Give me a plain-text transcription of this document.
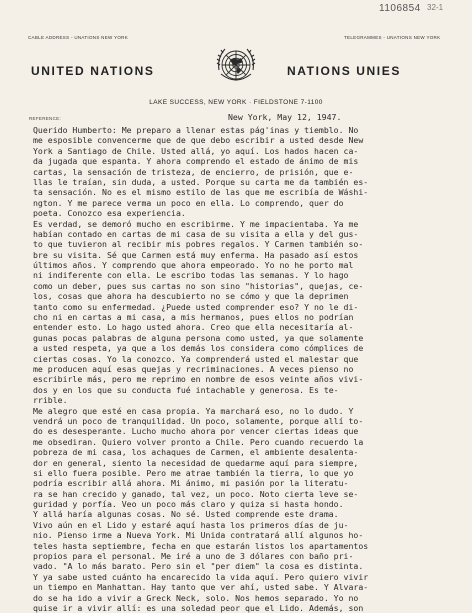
1106854 32-1
CABLE ADDRESS - UNATIONS NEW YORK	TELEGRAMMES - UNATIONS NEW YORK
UNITED NATIONS	NATIONS UNIES
LAKE SUCCESS, NEW YORK · FIELDSTONE 7-1100
REFERENCE:	New York, May 12, 1947.
Querido Humberto: Me preparo a llenar estas pág'inas y tiemblo. No
me esposible convencerme que de que debo escribir a usted desde New
York a Santiago de Chile. Usted allá, yo aquí. Los hados hacen ca-
da jugada que espanta. Y ahora comprendo el estado de ánimo de mis
cartas, la sensación de tristeza, de encierro, de prisión, que e-
llas le traían, sin duda, a usted. Porque su carta me da también es-
ta sensación. No es el mismo estilo de las que me escribía de Wáshi-
ngton. Y me parece verma un poco en ella. Lo comprendo, quer do
poeta. Conozco esa experiencia.
Es verdad, se demoró mucho en escribirme. Y me impacientaba. Ya me
habían contado en cartas de mi casa de su visita a ella y del gus-
to que tuvieron al recibir mis pobres regalos. Y Carmen también so-
bre su visita. Sé que Carmen está muy enferma. Ha pasado así estos
últimos años. Y comprendo que ahora empeorado. Yo no he porto mal
ni indiferente con ella. Le escribo todas las semanas. Y lo hago
como un deber, pues sus cartas no son sino "historias", quejas, ce-
los, cosas que ahora ha descubierto no se cómo y que la deprimen
tanto como su enfermedad. ¿Puede usted comprender eso? Y no le di-
cho ni en cartas a mi casa, a mis hermanos, pues ellos no podrían
entender esto. Lo hago usted ahora. Creo que ella necesitaría al-
gunas pocas palabras de alguna persona como usted, ya que solamente
a usted respeta, ya que a los demás los considera como cómplices de
ciertas cosas. Yo la conozco. Ya comprenderá usted el malestar que
me producen aquí esas quejas y recriminaciones. A veces pienso no
escribirle más, pero me reprimo en nombre de esos veinte años vivi-
dos y en los que su conducta fué intachable y generosa. Es te-
rrible.
Me alegro que esté en casa propia. Ya marchará eso, no lo dudo. Y
vendrá un poco de tranquilidad. Un poco, solamente, porque allí to-
do es desesperante. Lucho mucho ahora por vencer ciertas ideas que
me obsediran. Quiero volver pronto a Chile. Pero cuando recuerdo la
pobreza de mi casa, los achaques de Carmen, el ambiente desalenta-
dor en general, siento la necesidad de quedarme aquí para siempre,
si ello fuera posible. Pero me atrae también la tierra, lo que yo
podría escribir allá ahora. Mi ánimo, mi pasión por la literatu-
ra se han crecido y ganado, tal vez, un poco. Noto cierta leve se-
guridad y porfía. Veo un poco más claro y quiza si hasta hondo.
Y allá haría algunas cosas. No sé. Usted comprende este drama.
Vivo aún en el Lido y estaré aquí hasta los primeros días de ju-
nio. Pienso irme a Nueva York. Mi Unida contratará allí algunos ho-
teles hasta septiembre, fecha en que estarán listos los apartamentos
propios para el personal. Me iré a uno de 3 dólares con baño pri-
vado. "A lo más barato. Pero sin el "per diem" la cosa es distinta.
Y ya sabe usted cuánto ha encarecido la vida aquí. Pero quiero vivir
un tiempo en Manhattan. Hay tanto que ver ahí, usted sabe. Y Alvara-
do se ha ido a vivir a Greck Neck, solo. Nos hemos separado. Yo no
quise ir a vivir allí: es una soledad peor que el Lido. Además, son
